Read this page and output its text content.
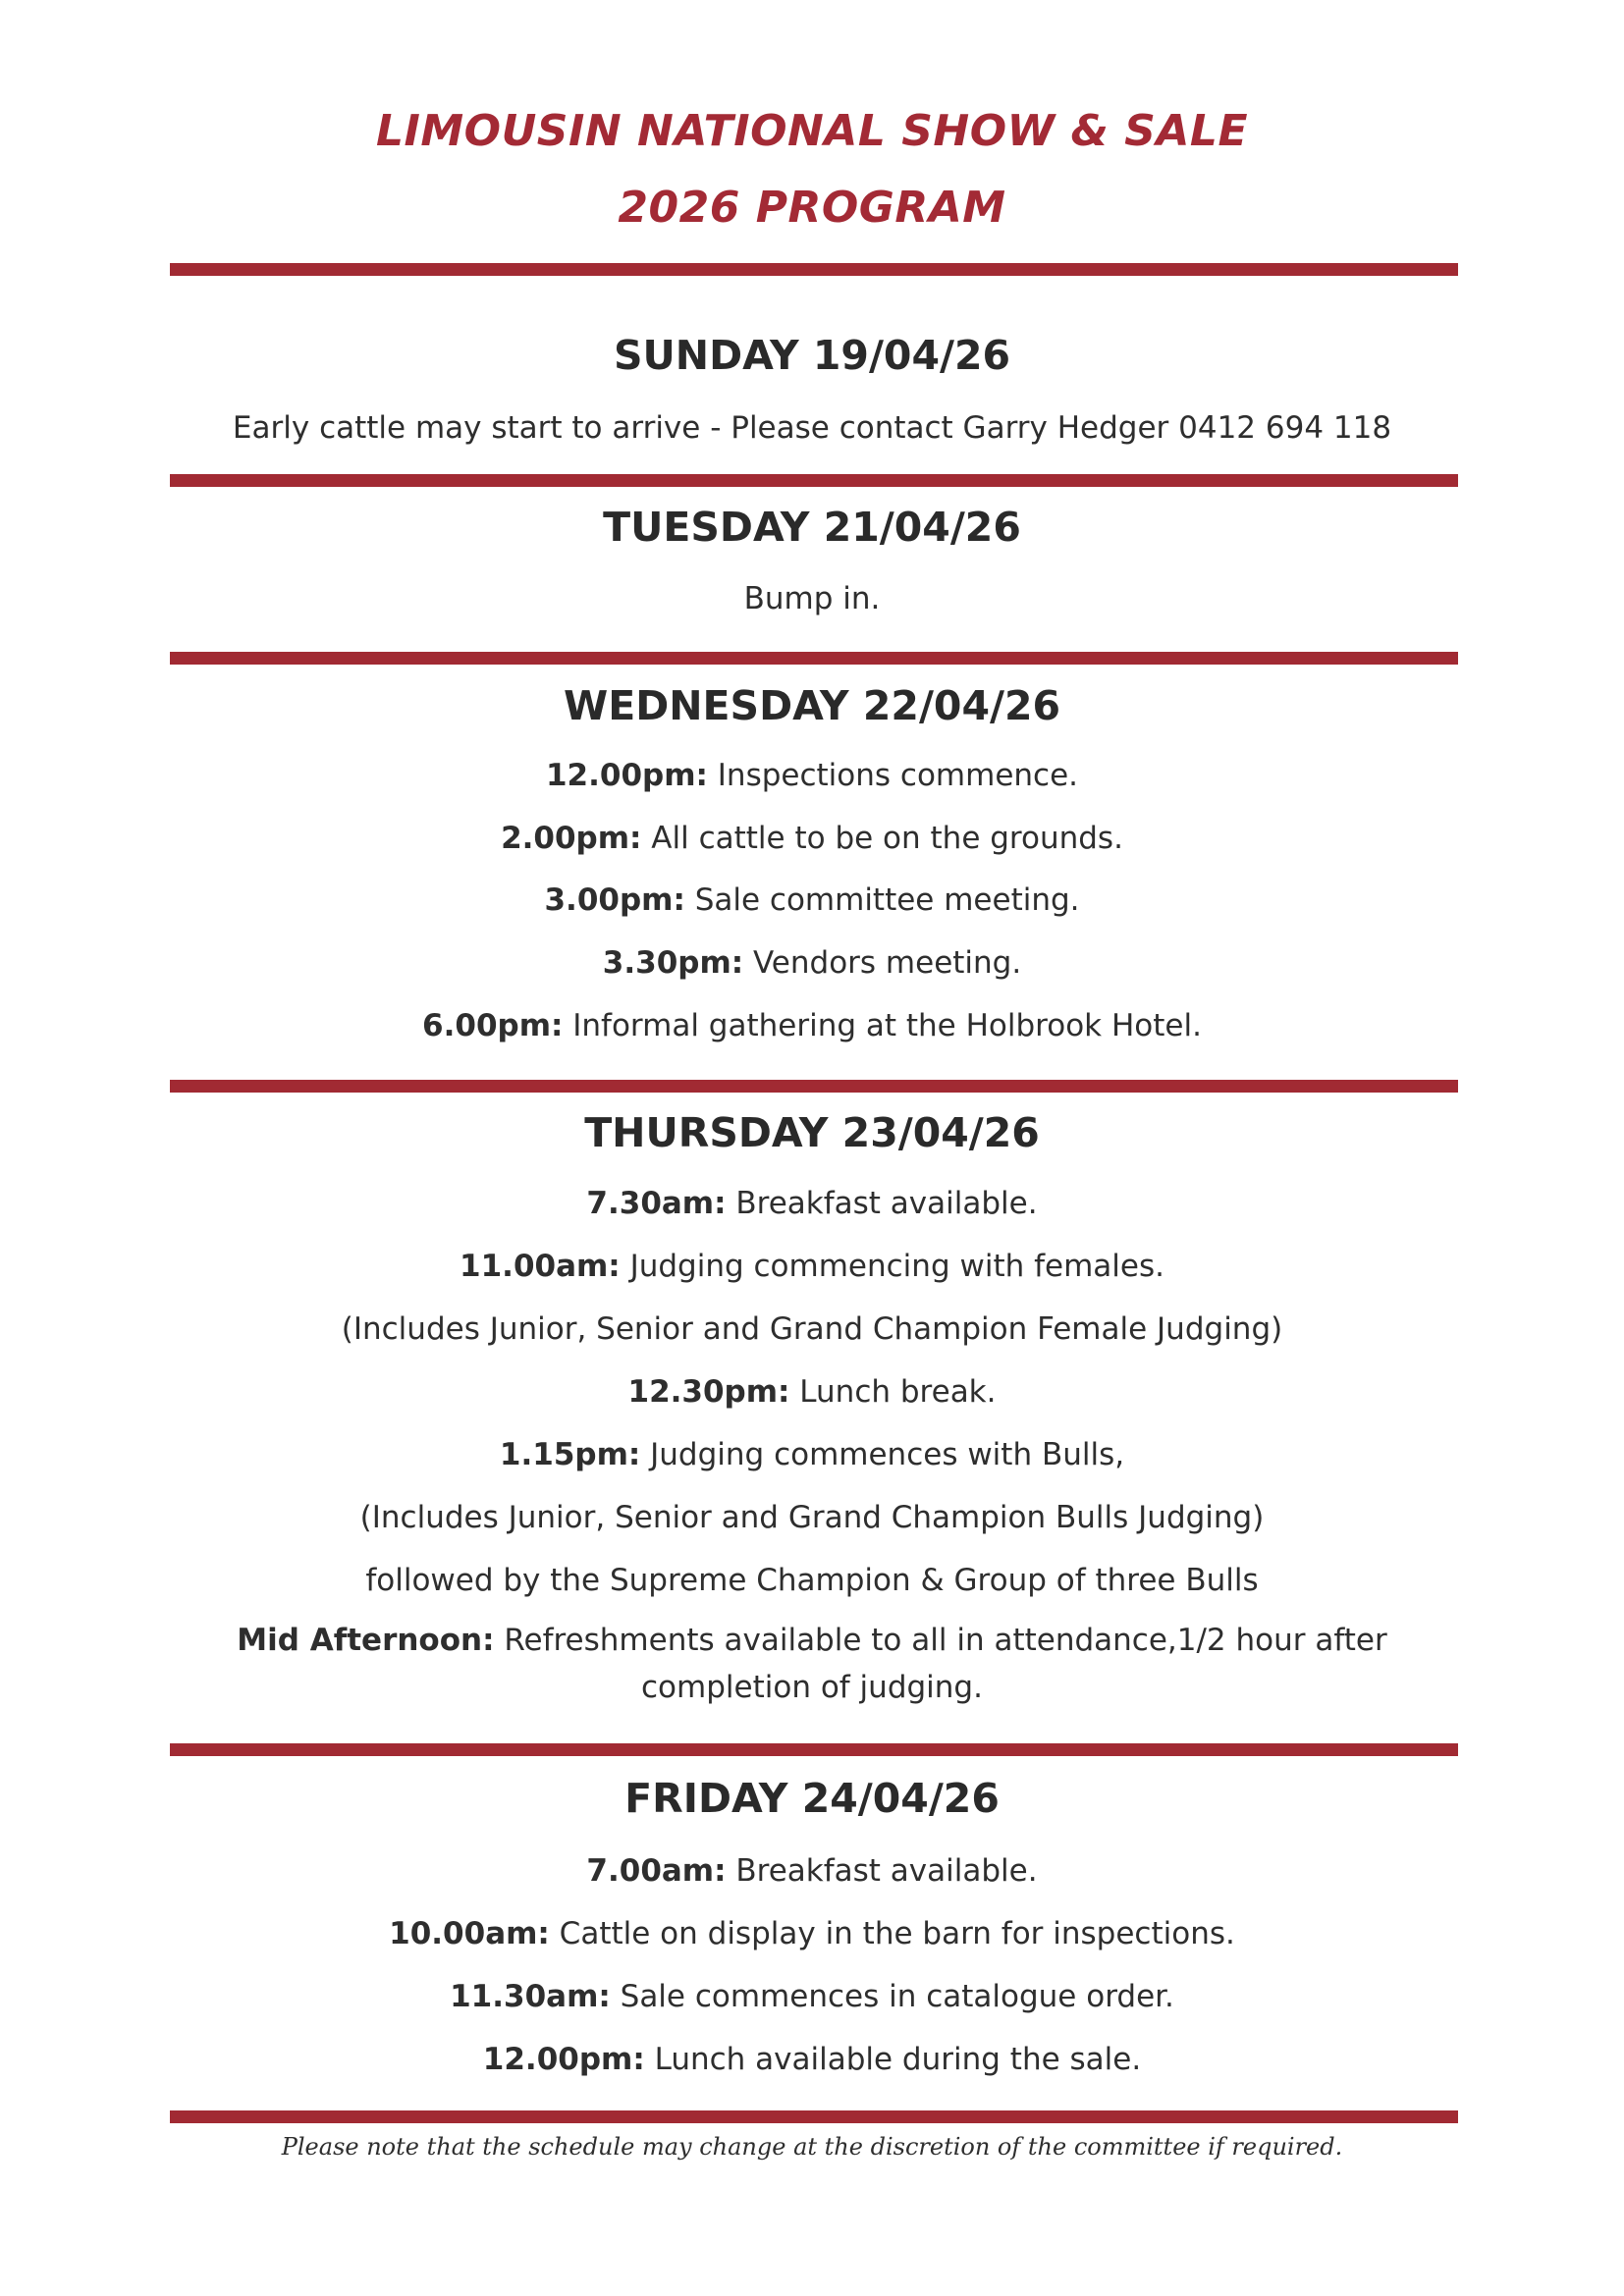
LIMOUSIN NATIONAL SHOW & SALE
2026 PROGRAM
SUNDAY 19/04/26
Early cattle may start to arrive - Please contact Garry Hedger 0412 694 118
TUESDAY 21/04/26
Bump in.
WEDNESDAY 22/04/26
12.00pm: Inspections commence.
2.00pm: All cattle to be on the grounds.
3.00pm: Sale committee meeting.
3.30pm: Vendors meeting.
6.00pm: Informal gathering at the Holbrook Hotel.
THURSDAY 23/04/26
7.30am: Breakfast available.
11.00am: Judging commencing with females.
(Includes Junior, Senior and Grand Champion Female Judging)
12.30pm: Lunch break.
1.15pm: Judging commences with Bulls,
(Includes Junior, Senior and Grand Champion Bulls Judging)
followed by the Supreme Champion & Group of three Bulls
Mid Afternoon: Refreshments available to all in attendance,1/2 hour after
completion of judging.
FRIDAY 24/04/26
7.00am: Breakfast available.
10.00am: Cattle on display in the barn for inspections.
11.30am: Sale commences in catalogue order.
12.00pm: Lunch available during the sale.
Please note that the schedule may change at the discretion of the committee if required.
